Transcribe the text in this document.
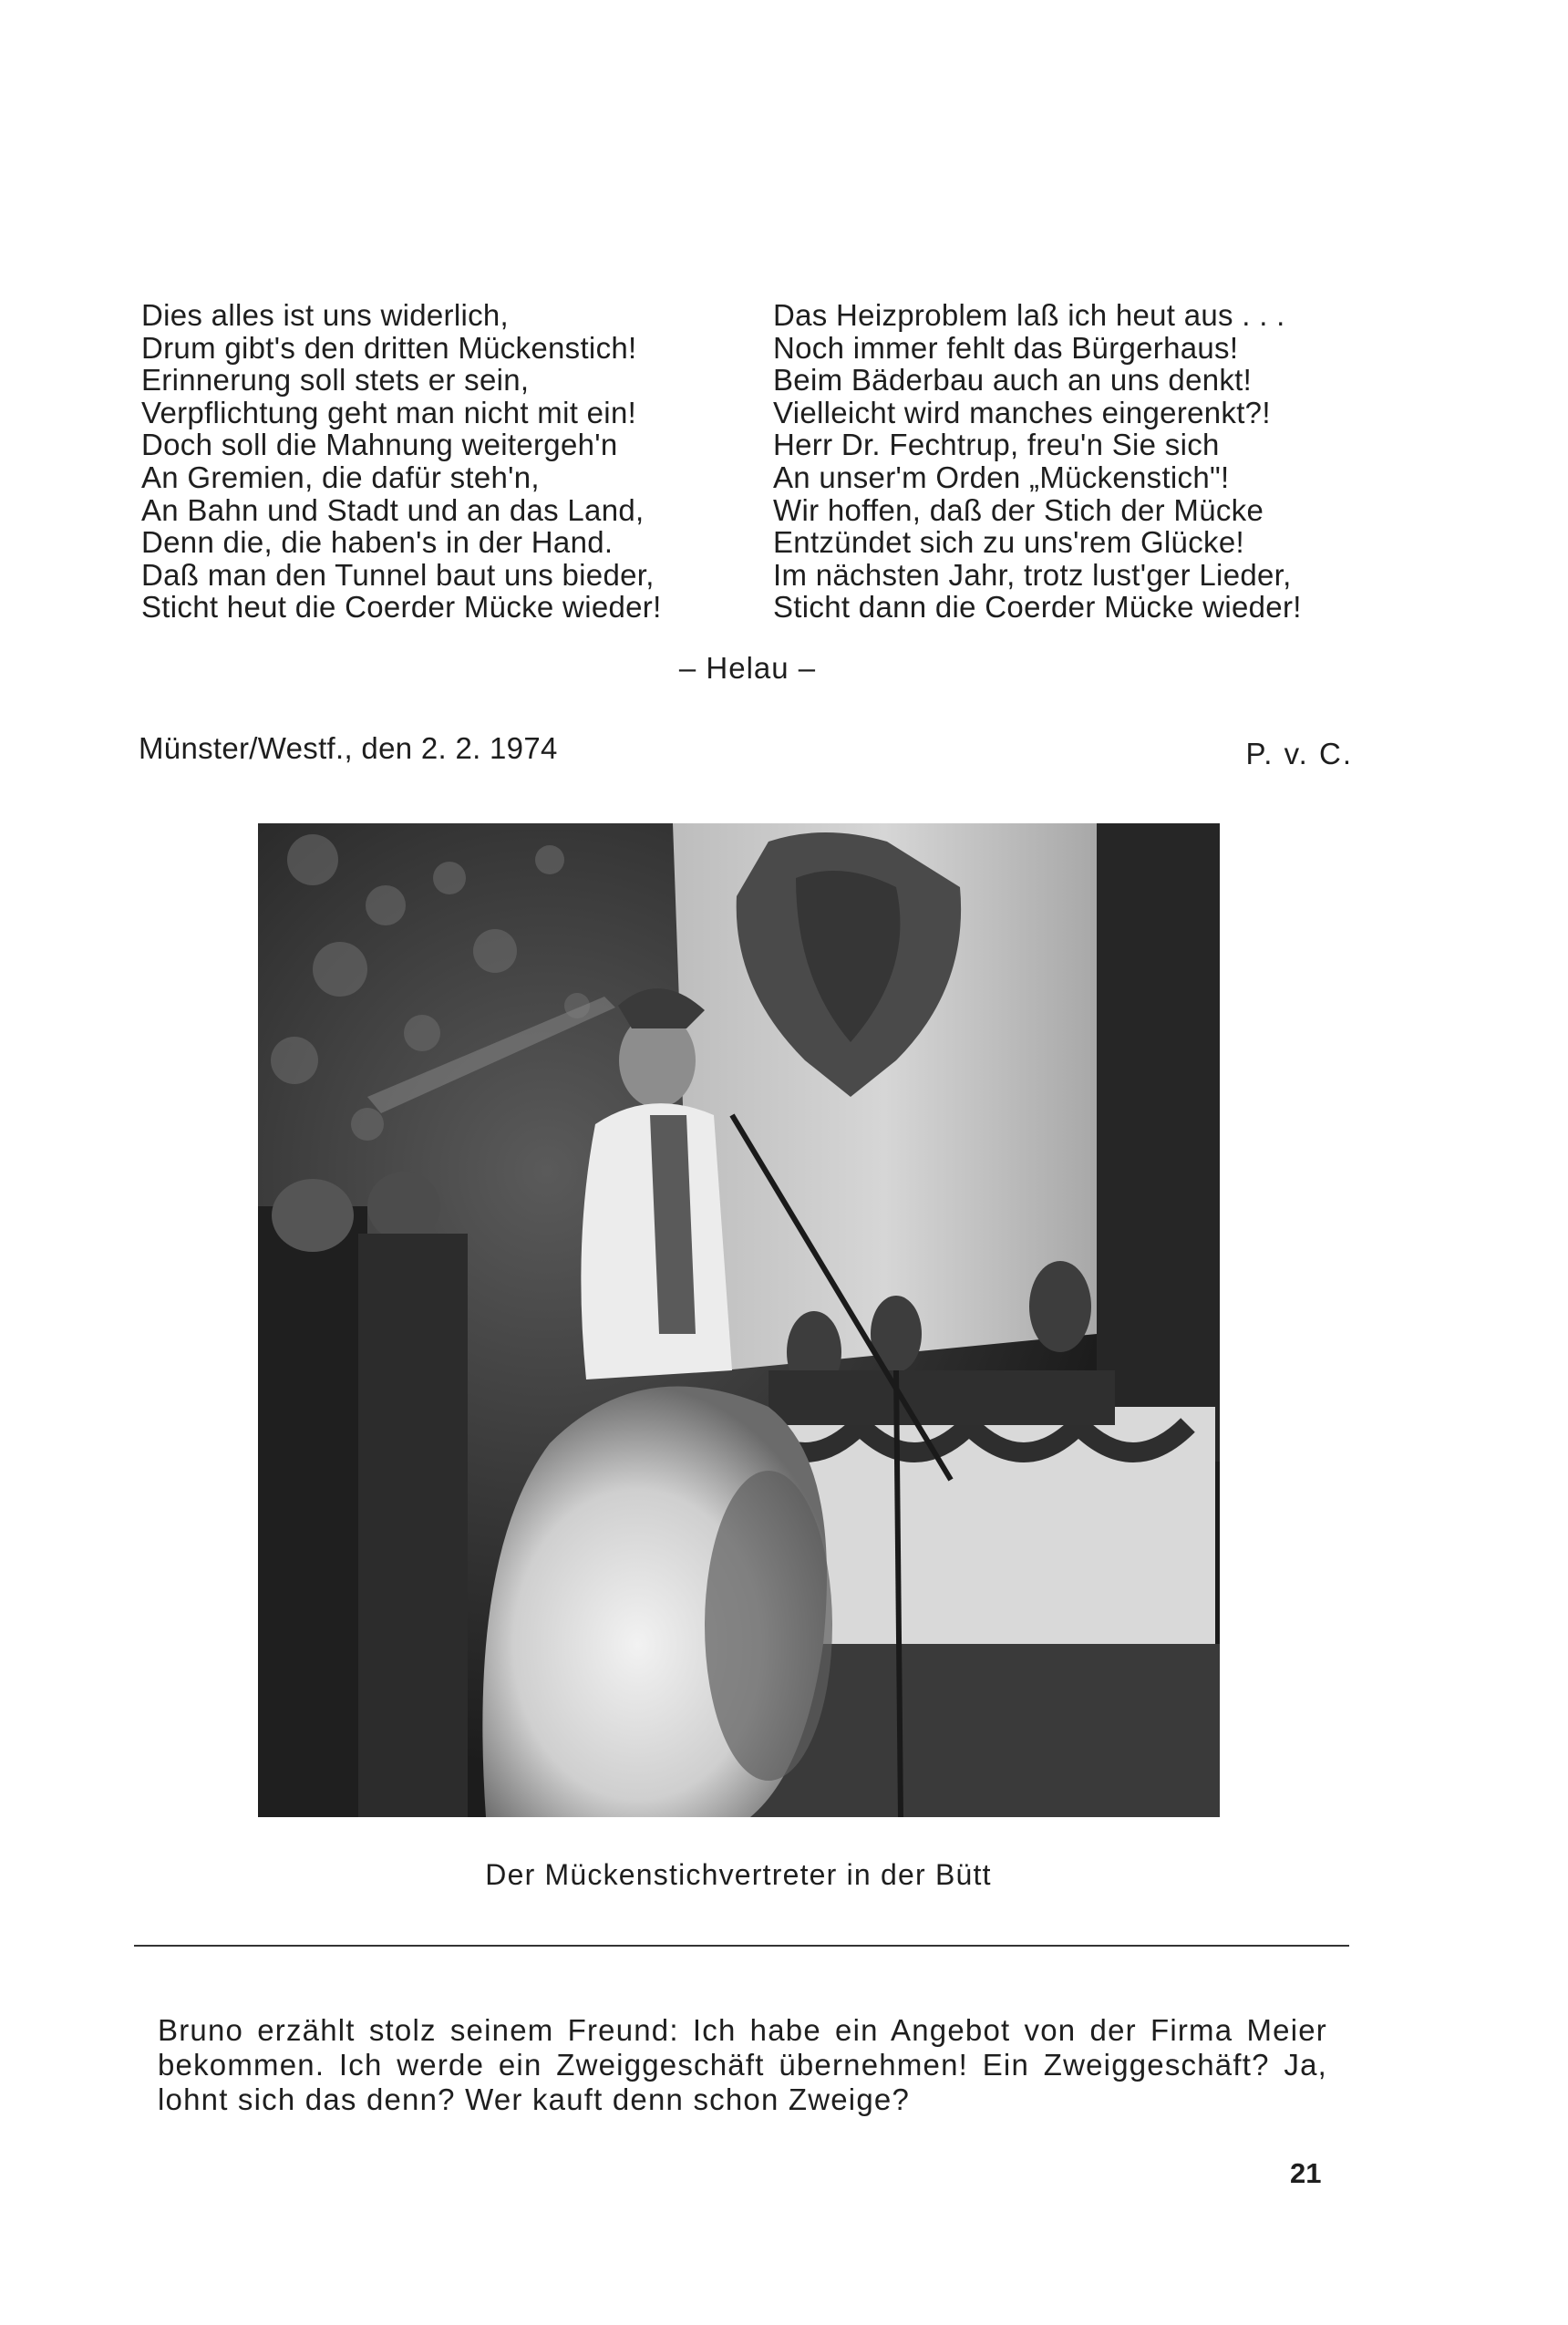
Dies alles ist uns widerlich,
Drum gibt's den dritten Mückenstich!
Erinnerung soll stets er sein,
Verpflichtung geht man nicht mit ein!
Doch soll die Mahnung weitergeh'n
An Gremien, die dafür steh'n,
An Bahn und Stadt und an das Land,
Denn die, die haben's in der Hand.
Daß man den Tunnel baut uns bieder,
Sticht heut die Coerder Mücke wieder!
Das Heizproblem laß ich heut aus . . .
Noch immer fehlt das Bürgerhaus!
Beim Bäderbau auch an uns denkt!
Vielleicht wird manches eingerenkt?!
Herr Dr. Fechtrup, freu'n Sie sich
An unser'm Orden „Mückenstich"!
Wir hoffen, daß der Stich der Mücke
Entzündet sich zu uns'rem Glücke!
Im nächsten Jahr, trotz lust'ger Lieder,
Sticht dann die Coerder Mücke wieder!
– Helau –
Münster/Westf., den 2. 2. 1974	P. v. C.
Der Mückenstichvertreter in der Bütt
Bruno erzählt stolz seinem Freund: Ich habe ein Angebot von der Firma Meier bekommen. Ich werde ein Zweiggeschäft übernehmen! Ein Zweiggeschäft? Ja, lohnt sich das denn? Wer kauft denn schon Zweige?
21
